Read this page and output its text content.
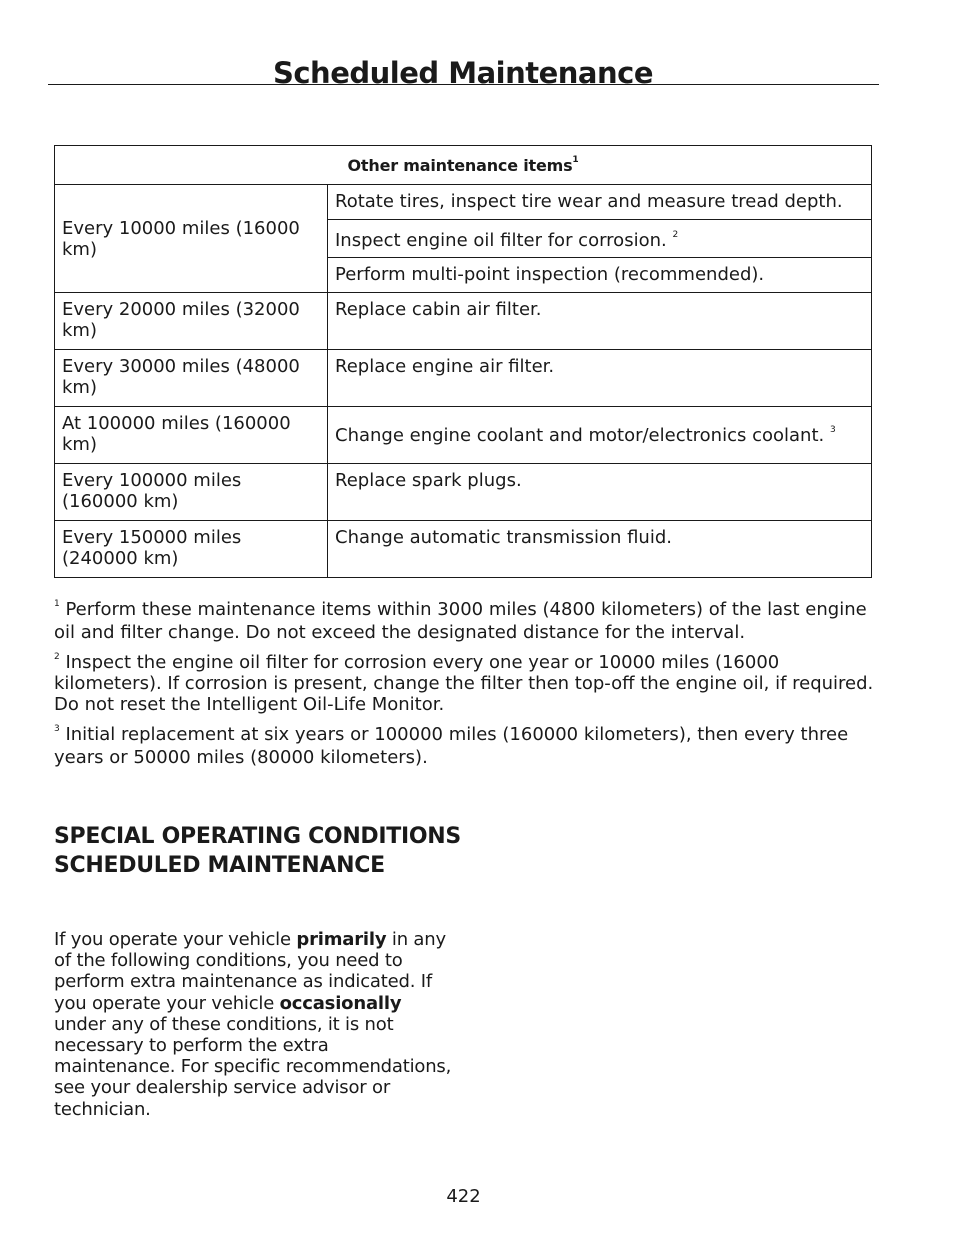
Scheduled Maintenance
Other maintenance items$^1$
Every 10000 miles (16000 km)	Rotate tires, inspect tire wear and measure tread depth.
	Inspect engine oil filter for corrosion. $^2$
	Perform multi-point inspection (recommended).
Every 20000 miles (32000 km)	Replace cabin air filter.
Every 30000 miles (48000 km)	Replace engine air filter.
At 100000 miles (160000 km)	Change engine coolant and motor/electronics coolant. $^3$
Every 100000 miles (160000 km)	Replace spark plugs.
Every 150000 miles (240000 km)	Change automatic transmission fluid.

$^1$ Perform these maintenance items within 3000 miles (4800 kilometers) of the last engine oil and filter change. Do not exceed the designated distance for the interval.

$^2$ Inspect the engine oil filter for corrosion every one year or 10000 miles (16000 kilometers). If corrosion is present, change the filter then top-off the engine oil, if required. Do not reset the Intelligent Oil-Life Monitor.

$^3$ Initial replacement at six years or 100000 miles (160000 kilometers), then every three years or 50000 miles (80000 kilometers).

SPECIAL OPERATING CONDITIONS SCHEDULED MAINTENANCE

If you operate your vehicle primarily in any of the following conditions, you need to perform extra maintenance as indicated. If you operate your vehicle occasionally under any of these conditions, it is not necessary to perform the extra maintenance. For specific recommendations, see your dealership service advisor or technician.

422
